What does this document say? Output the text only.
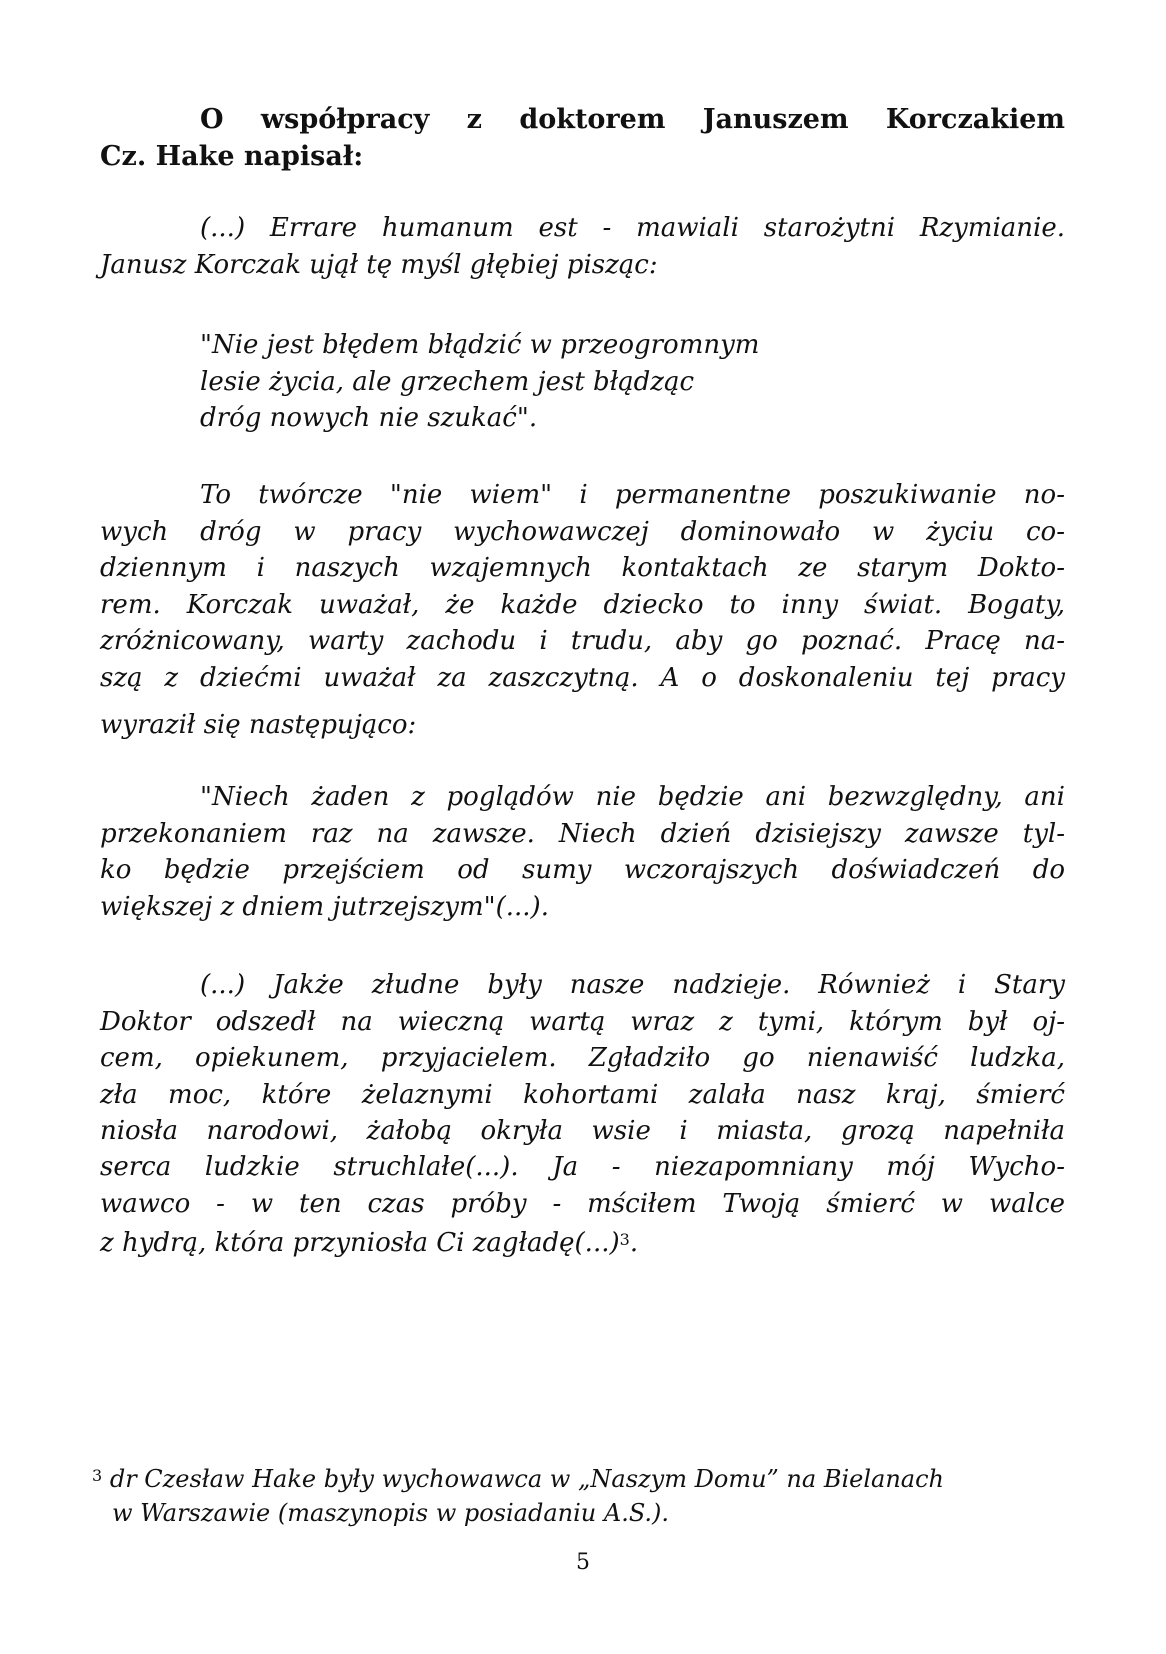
O współpracy z doktorem Januszem Korczakiem
Cz. Hake napisał:
(...) Errare humanum est - mawiali starożytni Rzymianie.
Janusz Korczak ujął tę myśl głębiej pisząc:
"Nie jest błędem błądzić w przeogromnym
lesie życia, ale grzechem jest błądząc
dróg nowych nie szukać".
To twórcze "nie wiem" i permanentne poszukiwanie no-
wych dróg w pracy wychowawczej dominowało w życiu co-
dziennym i naszych wzajemnych kontaktach ze starym Dokto-
rem. Korczak uważał, że każde dziecko to inny świat. Bogaty,
zróżnicowany, warty zachodu i trudu, aby go poznać. Pracę na-
szą z dziećmi uważał za zaszczytną. A o doskonaleniu tej pracy
wyraził się następująco:
"Niech żaden z poglądów nie będzie ani bezwzględny, ani
przekonaniem raz na zawsze. Niech dzień dzisiejszy zawsze tyl-
ko będzie przejściem od sumy wczorajszych doświadczeń do
większej z dniem jutrzejszym"(...).
(...) Jakże złudne były nasze nadzieje. Również i Stary
Doktor odszedł na wieczną wartą wraz z tymi, którym był oj-
cem, opiekunem, przyjacielem. Zgładziło go nienawiść ludzka,
zła moc, które żelaznymi kohortami zalała nasz kraj, śmierć
niosła narodowi, żałobą okryła wsie i miasta, grozą napełniła
serca ludzkie struchlałe(...). Ja - niezapomniany mój Wycho-
wawco - w ten czas próby - mściłem Twoją śmierć w walce
z hydrą, która przyniosła Ci zagładę(...)$^3$.
$^3$ dr Czesław Hake były wychowawca w „Naszym Domu” na Bielanach
w Warszawie (maszynopis w posiadaniu A.S.).
5
